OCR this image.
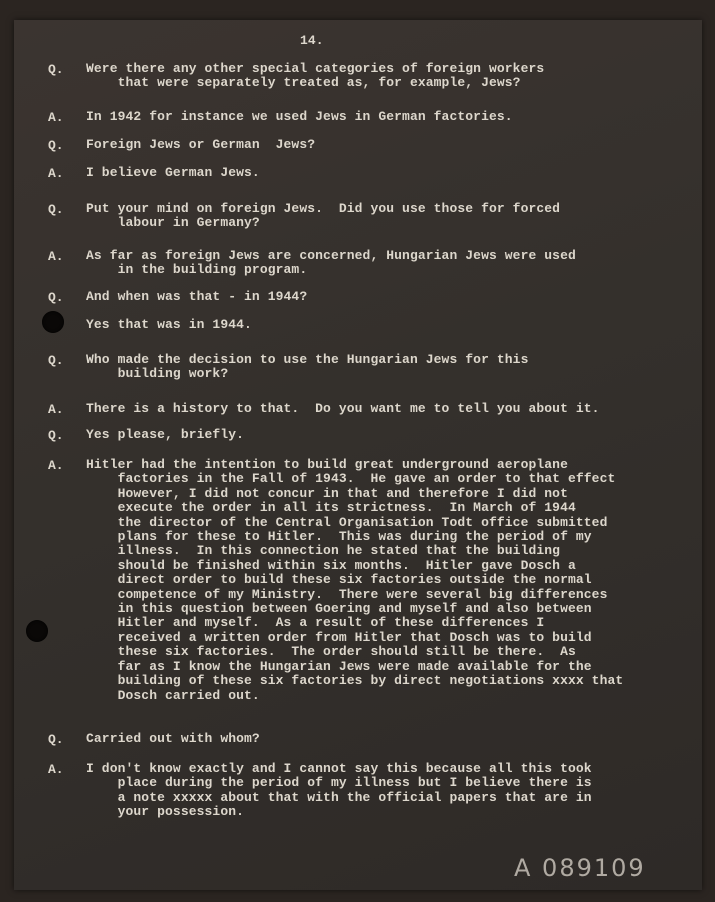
14.
Q. Were there any other special categories of foreign workers
that were separately treated as, for example, Jews?
A. In 1942 for instance we used Jews in German factories.
Q. Foreign Jews or German  Jews?
A. I believe German Jews.
Q. Put your mind on foreign Jews.  Did you use those for forced
labour in Germany?
A. As far as foreign Jews are concerned, Hungarian Jews were used
in the building program.
Q. And when was that - in 1944?
Yes that was in 1944.
Q. Who made the decision to use the Hungarian Jews for this
building work?
A. There is a history to that.  Do you want me to tell you about it.
Q. Yes please, briefly.
A. Hitler had the intention to build great underground aeroplane
factories in the Fall of 1943.  He gave an order to that effect
However, I did not concur in that and therefore I did not
execute the order in all its strictness.  In March of 1944
the director of the Central Organisation Todt office submitted
plans for these to Hitler.  This was during the period of my
illness.  In this connection he stated that the building
should be finished within six months.  Hitler gave Dosch a
direct order to build these six factories outside the normal
competence of my Ministry.  There were several big differences
in this question between Goering and myself and also between
Hitler and myself.  As a result of these differences I
received a written order from Hitler that Dosch was to build
these six factories.  The order should still be there.  As
far as I know the Hungarian Jews were made available for the
building of these six factories by direct negotiations xxxx that
Dosch carried out.
Q. Carried out with whom?
A. I don't know exactly and I cannot say this because all this took
place during the period of my illness but I believe there is
a note xxxxx about that with the official papers that are in
your possession.
A 089109
